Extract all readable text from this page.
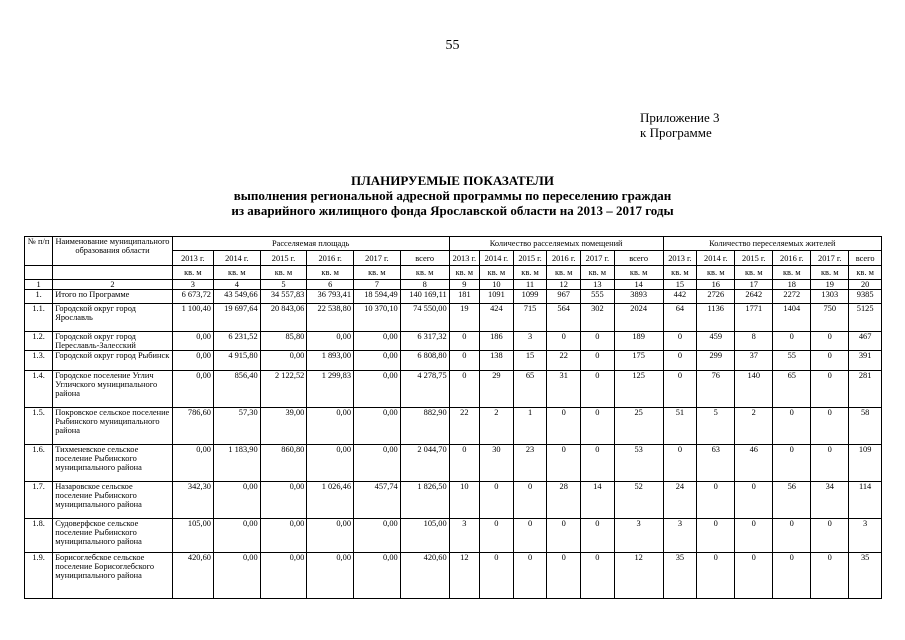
55
Приложение 3
к Программе
ПЛАНИРУЕМЫЕ ПОКАЗАТЕЛИ
выполнения региональной адресной программы по переселению граждан
из аварийного жилищного фонда Ярославской области на 2013 – 2017 годы
№ п/п	Наименование муниципального образования области	Расселяемая площадь						Количество расселяемых помещений						Количество переселяемых жителей					
		2013 г.	2014 г.	2015 г.	2016 г.	2017 г.	всего	2013 г.	2014 г.	2015 г.	2016 г.	2017 г.	всего	2013 г.	2014 г.	2015 г.	2016 г.	2017 г.	всего
		кв. м	кв. м	кв. м	кв. м	кв. м	кв. м	кв. м	кв. м	кв. м	кв. м	кв. м	кв. м	кв. м	кв. м	кв. м	кв. м	кв. м	кв. м
1	2	3	4	5	6	7	8	9	10	11	12	13	14	15	16	17	18	19	20
1.	Итого по Программе	6 673,72	43 549,66	34 557,83	36 793,41	18 594,49	140 169,11	181	1091	1099	967	555	3893	442	2726	2642	2272	1303	9385
1.1.	Городской округ город Ярославль	1 100,40	19 697,64	20 843,06	22 538,80	10 370,10	74 550,00	19	424	715	564	302	2024	64	1136	1771	1404	750	5125
1.2.	Городской округ город Переславль-Залесский	0,00	6 231,52	85,80	0,00	0,00	6 317,32	0	186	3	0	0	189	0	459	8	0	0	467
1.3.	Городской округ город Рыбинск	0,00	4 915,80	0,00	1 893,00	0,00	6 808,80	0	138	15	22	0	175	0	299	37	55	0	391
1.4.	Городское поселение Углич Угличского муниципального района	0,00	856,40	2 122,52	1 299,83	0,00	4 278,75	0	29	65	31	0	125	0	76	140	65	0	281
1.5.	Покровское сельское поселение Рыбинского муниципального района	786,60	57,30	39,00	0,00	0,00	882,90	22	2	1	0	0	25	51	5	2	0	0	58
1.6.	Тихменевское сельское поселение Рыбинского муниципального района	0,00	1 183,90	860,80	0,00	0,00	2 044,70	0	30	23	0	0	53	0	63	46	0	0	109
1.7.	Назаровское сельское поселение Рыбинского муниципального района	342,30	0,00	0,00	1 026,46	457,74	1 826,50	10	0	0	28	14	52	24	0	0	56	34	114
1.8.	Судоверфское сельское поселение Рыбинского муниципального района	105,00	0,00	0,00	0,00	0,00	105,00	3	0	0	0	0	3	3	0	0	0	0	3
1.9.	Борисоглебское сельское поселение Борисоглебского муниципального района	420,60	0,00	0,00	0,00	0,00	420,60	12	0	0	0	0	12	35	0	0	0	0	35
